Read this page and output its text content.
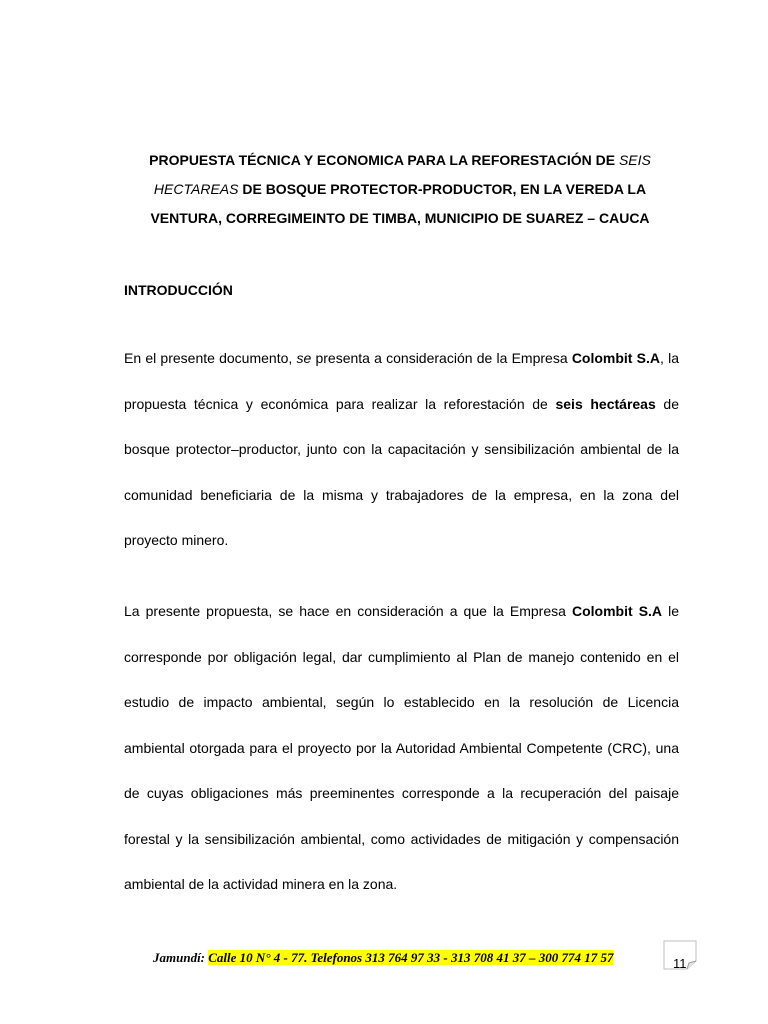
PROPUESTA TÉCNICA Y ECONOMICA PARA LA REFORESTACIÓN DE SEIS HECTAREAS DE BOSQUE PROTECTOR-PRODUCTOR, EN LA VEREDA LA VENTURA, CORREGIMEINTO DE TIMBA, MUNICIPIO DE SUAREZ – CAUCA
INTRODUCCIÓN
En el presente documento, se presenta a consideración de la Empresa Colombit S.A, la propuesta técnica y económica para realizar la reforestación de seis hectáreas de bosque protector‒productor, junto con la capacitación y sensibilización ambiental de la comunidad beneficiaria de la misma y trabajadores de la empresa, en la zona del proyecto minero.
La presente propuesta, se hace en consideración a que la Empresa Colombit S.A le corresponde por obligación legal, dar cumplimiento al Plan de manejo contenido en el estudio de impacto ambiental, según lo establecido en la resolución de Licencia ambiental otorgada para el proyecto por la Autoridad Ambiental Competente (CRC), una de cuyas obligaciones más preeminentes corresponde a la recuperación del paisaje forestal y la sensibilización ambiental, como actividades de mitigación y compensación ambiental de la actividad minera en la zona.
Jamundí: Calle 10 N° 4 - 77. Telefonos 313 764 97 33 - 313 708 41 37 – 300 774 17 57	11
